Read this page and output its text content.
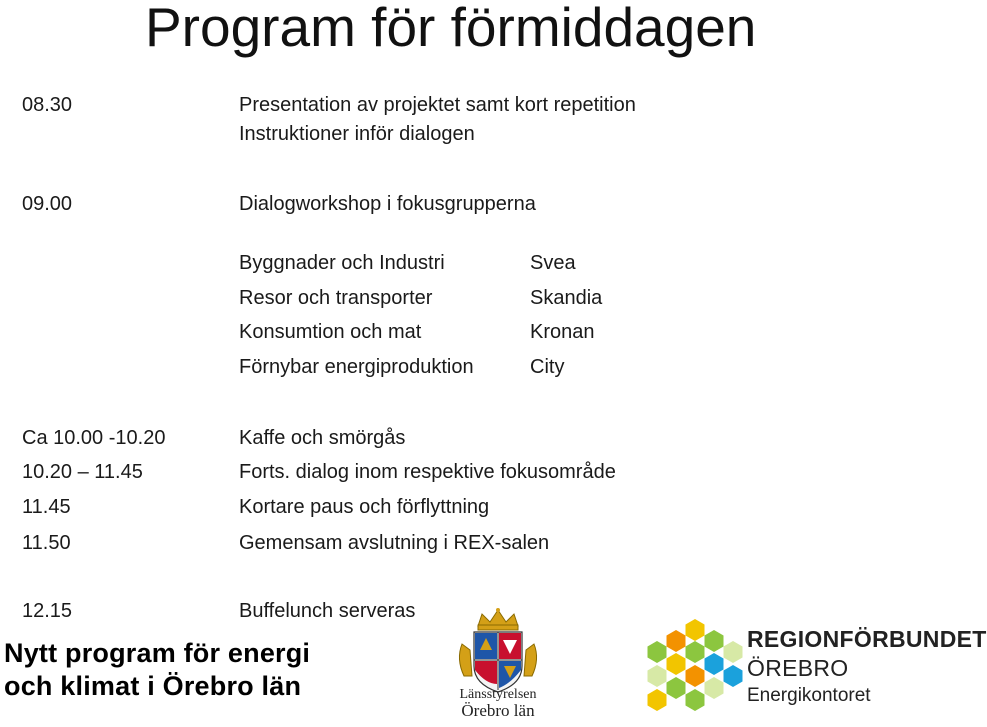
Program för förmiddagen
08.30	Presentation av projektet samt kort repetition
Instruktioner inför dialogen
09.00	Dialogworkshop i fokusgrupperna
Byggnader och Industri	Svea
Resor och transporter	Skandia
Konsumtion och mat	Kronan
Förnybar energiproduktion	City
Ca 10.00 -10.20	Kaffe och smörgås
10.20 – 11.45	Forts. dialog inom respektive fokusområde
11.45	Kortare paus och förflyttning
11.50	Gemensam avslutning i REX-salen
12.15	Buffelunch serveras
Nytt program för energi
och klimat i Örebro län	Länsstyrelsen
Örebro län
REGIONFÖRBUNDET
ÖREBRO
Energikontoret
